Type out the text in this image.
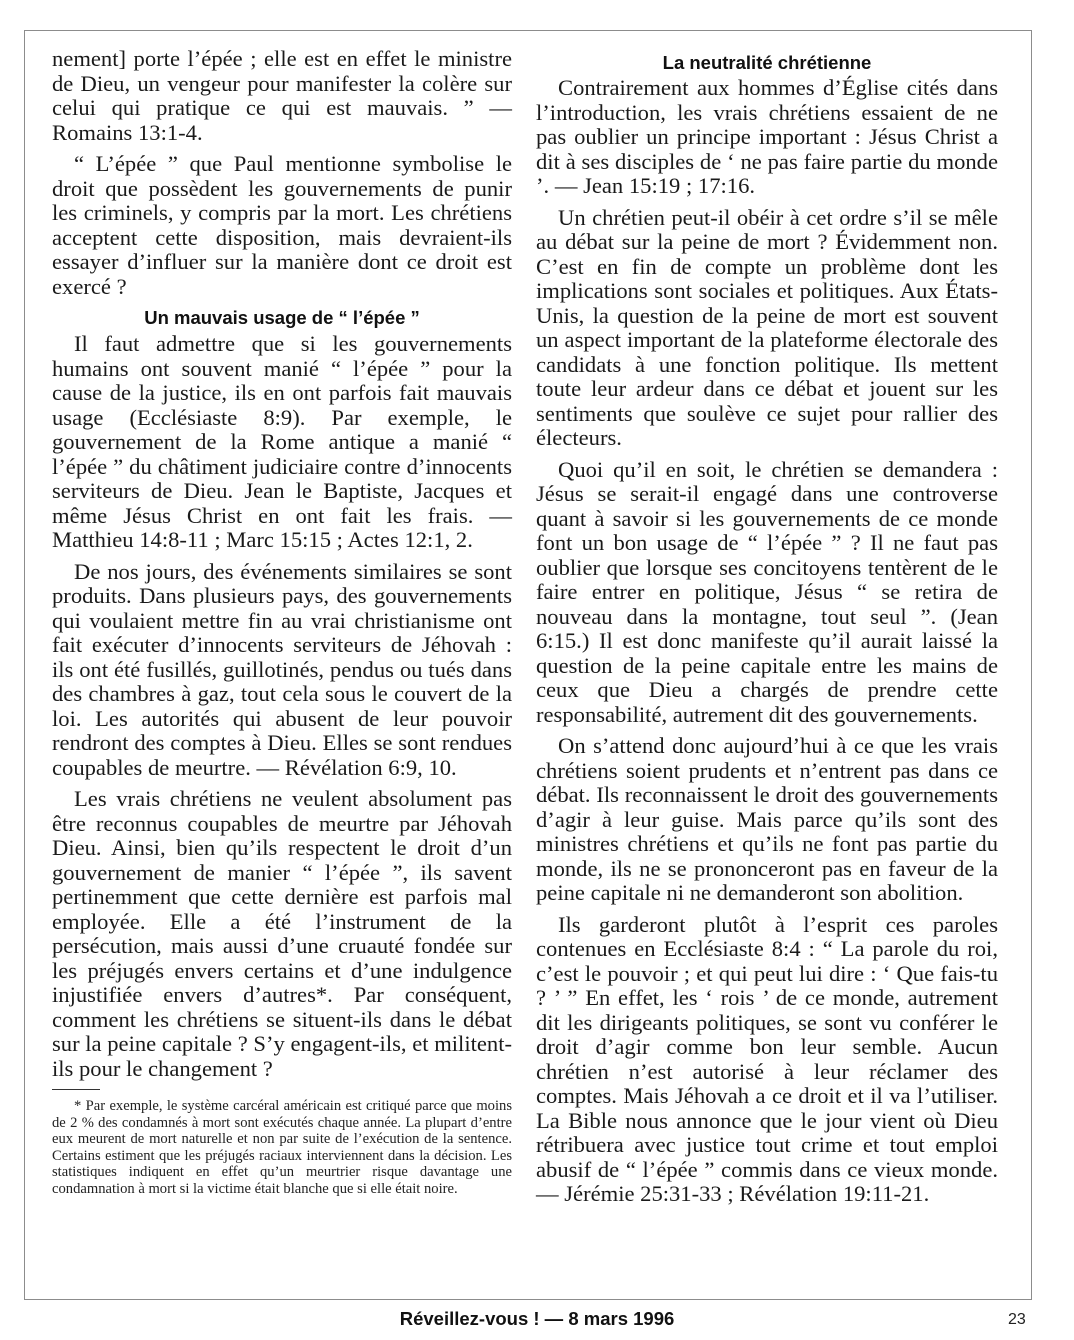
nement] porte l’épée ; elle est en effet le ministre de Dieu, un vengeur pour manifester la colère sur celui qui pratique ce qui est mauvais. ” — Romains 13:1-4.

“ L’épée ” que Paul mentionne symbolise le droit que possèdent les gouvernements de punir les criminels, y compris par la mort. Les chrétiens acceptent cette disposition, mais devraient-ils essayer d’influer sur la manière dont ce droit est exercé ?

Un mauvais usage de “ l’épée ”

Il faut admettre que si les gouvernements humains ont souvent manié “ l’épée ” pour la cause de la justice, ils en ont parfois fait mauvais usage (Ecclésiaste 8:9). Par exemple, le gouvernement de la Rome antique a manié “ l’épée ” du châtiment judiciaire contre d’innocents serviteurs de Dieu. Jean le Baptiste, Jacques et même Jésus Christ en ont fait les frais. — Matthieu 14:8-11 ; Marc 15:15 ; Actes 12:1, 2.

De nos jours, des événements similaires se sont produits. Dans plusieurs pays, des gouvernements qui voulaient mettre fin au vrai christianisme ont fait exécuter d’innocents serviteurs de Jéhovah : ils ont été fusillés, guillotinés, pendus ou tués dans des chambres à gaz, tout cela sous le couvert de la loi. Les autorités qui abusent de leur pouvoir rendront des comptes à Dieu. Elles se sont rendues coupables de meurtre. — Révélation 6:9, 10.

Les vrais chrétiens ne veulent absolument pas être reconnus coupables de meurtre par Jéhovah Dieu. Ainsi, bien qu’ils respectent le droit d’un gouvernement de manier “ l’épée ”, ils savent pertinemment que cette dernière est parfois mal employée. Elle a été l’instrument de la persécution, mais aussi d’une cruauté fondée sur les préjugés envers certains et d’une indulgence injustifiée envers d’autres*. Par conséquent, comment les chrétiens se situent-ils dans le débat sur la peine capitale ? S’y engagent-ils, et militent-ils pour le changement ?

* Par exemple, le système carcéral américain est critiqué parce que moins de 2 % des condamnés à mort sont exécutés chaque année. La plupart d’entre eux meurent de mort naturelle et non par suite de l’exécution de la sentence. Certains estiment que les préjugés raciaux interviennent dans la décision. Les statistiques indiquent en effet qu’un meurtrier risque davantage une condamnation à mort si la victime était blanche que si elle était noire.

La neutralité chrétienne

Contrairement aux hommes d’Église cités dans l’introduction, les vrais chrétiens essaient de ne pas oublier un principe important : Jésus Christ a dit à ses disciples de ‘ ne pas faire partie du monde ’. — Jean 15:19 ; 17:16.

Un chrétien peut-il obéir à cet ordre s’il se mêle au débat sur la peine de mort ? Évidemment non. C’est en fin de compte un problème dont les implications sont sociales et politiques. Aux États-Unis, la question de la peine de mort est souvent un aspect important de la plateforme électorale des candidats à une fonction politique. Ils mettent toute leur ardeur dans ce débat et jouent sur les sentiments que soulève ce sujet pour rallier des électeurs.

Quoi qu’il en soit, le chrétien se demandera : Jésus se serait-il engagé dans une controverse quant à savoir si les gouvernements de ce monde font un bon usage de “ l’épée ” ? Il ne faut pas oublier que lorsque ses concitoyens tentèrent de le faire entrer en politique, Jésus “ se retira de nouveau dans la montagne, tout seul ”. (Jean 6:15.) Il est donc manifeste qu’il aurait laissé la question de la peine capitale entre les mains de ceux que Dieu a chargés de prendre cette responsabilité, autrement dit des gouvernements.

On s’attend donc aujourd’hui à ce que les vrais chrétiens soient prudents et n’entrent pas dans ce débat. Ils reconnaissent le droit des gouvernements d’agir à leur guise. Mais parce qu’ils sont des ministres chrétiens et qu’ils ne font pas partie du monde, ils ne se prononceront pas en faveur de la peine capitale ni ne demanderont son abolition.

Ils garderont plutôt à l’esprit ces paroles contenues en Ecclésiaste 8:4 : “ La parole du roi, c’est le pouvoir ; et qui peut lui dire : ‘ Que fais-tu ? ’ ” En effet, les ‘ rois ’ de ce monde, autrement dit les dirigeants politiques, se sont vu conférer le droit d’agir comme bon leur semble. Aucun chrétien n’est autorisé à leur réclamer des comptes. Mais Jéhovah a ce droit et il va l’utiliser. La Bible nous annonce que le jour vient où Dieu rétribuera avec justice tout crime et tout emploi abusif de “ l’épée ” commis dans ce vieux monde. — Jérémie 25:31-33 ; Révélation 19:11-21.

Réveillez-vous ! — 8 mars 1996	23
